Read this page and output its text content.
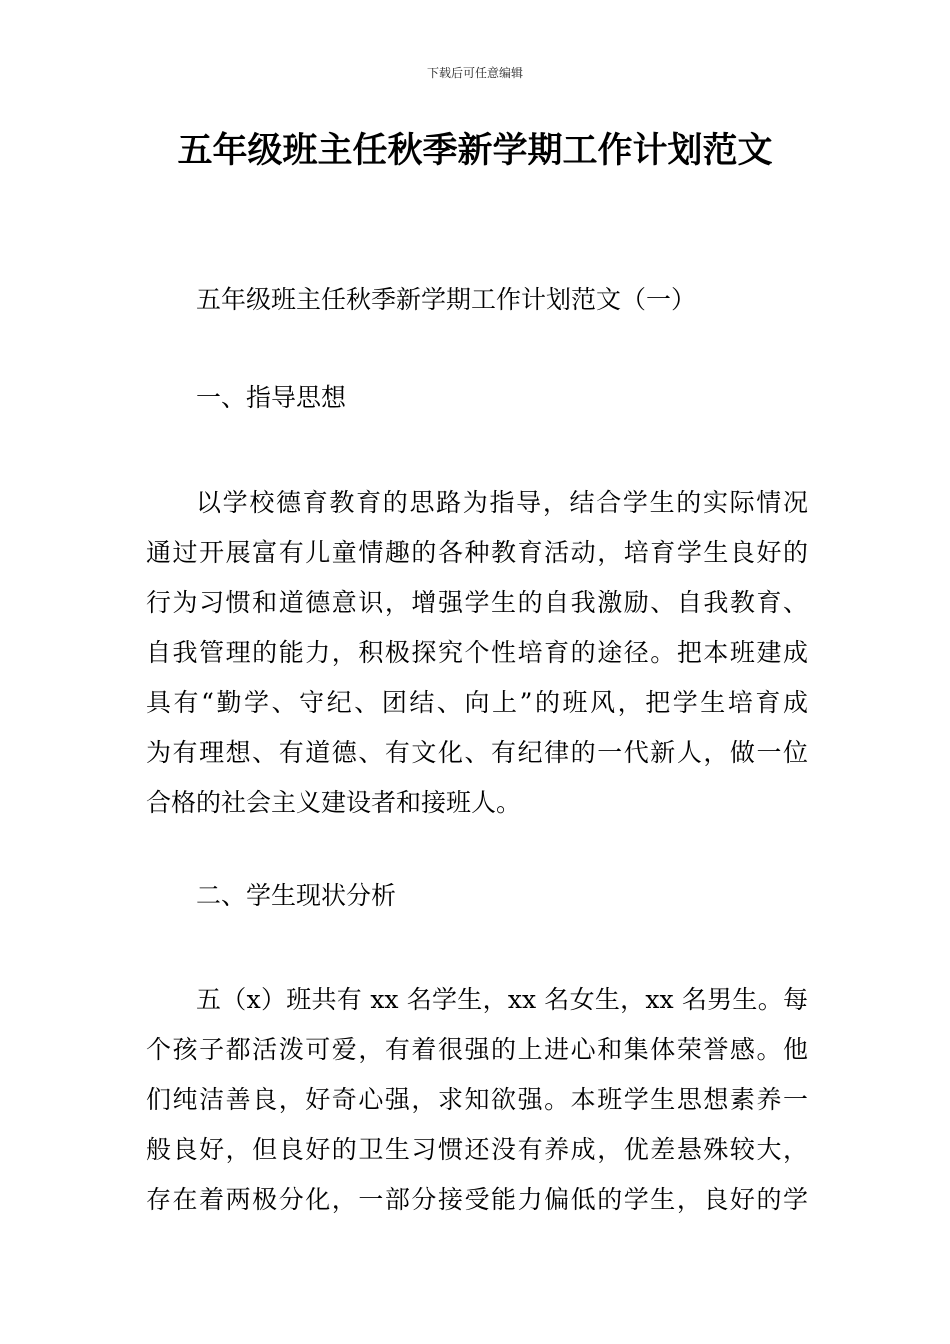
下载后可任意编辑
五年级班主任秋季新学期工作计划范文

五年级班主任秋季新学期工作计划范文（一）

一、指导思想

以学校德育教育的思路为指导，结合学生的实际情况
通过开展富有儿童情趣的各种教育活动，培育学生良好的
行为习惯和道德意识，增强学生的自我激励、自我教育、
自我管理的能力，积极探究个性培育的途径。把本班建成
具有“勤学、守纪、团结、向上”的班风，把学生培育成
为有理想、有道德、有文化、有纪律的一代新人，做一位
合格的社会主义建设者和接班人。

二、学生现状分析

五（x）班共有 xx 名学生，xx 名女生，xx 名男生。每
个孩子都活泼可爱，有着很强的上进心和集体荣誉感。他
们纯洁善良，好奇心强，求知欲强。本班学生思想素养一
般良好，但良好的卫生习惯还没有养成，优差悬殊较大，
存在着两极分化，一部分接受能力偏低的学生，良好的学
